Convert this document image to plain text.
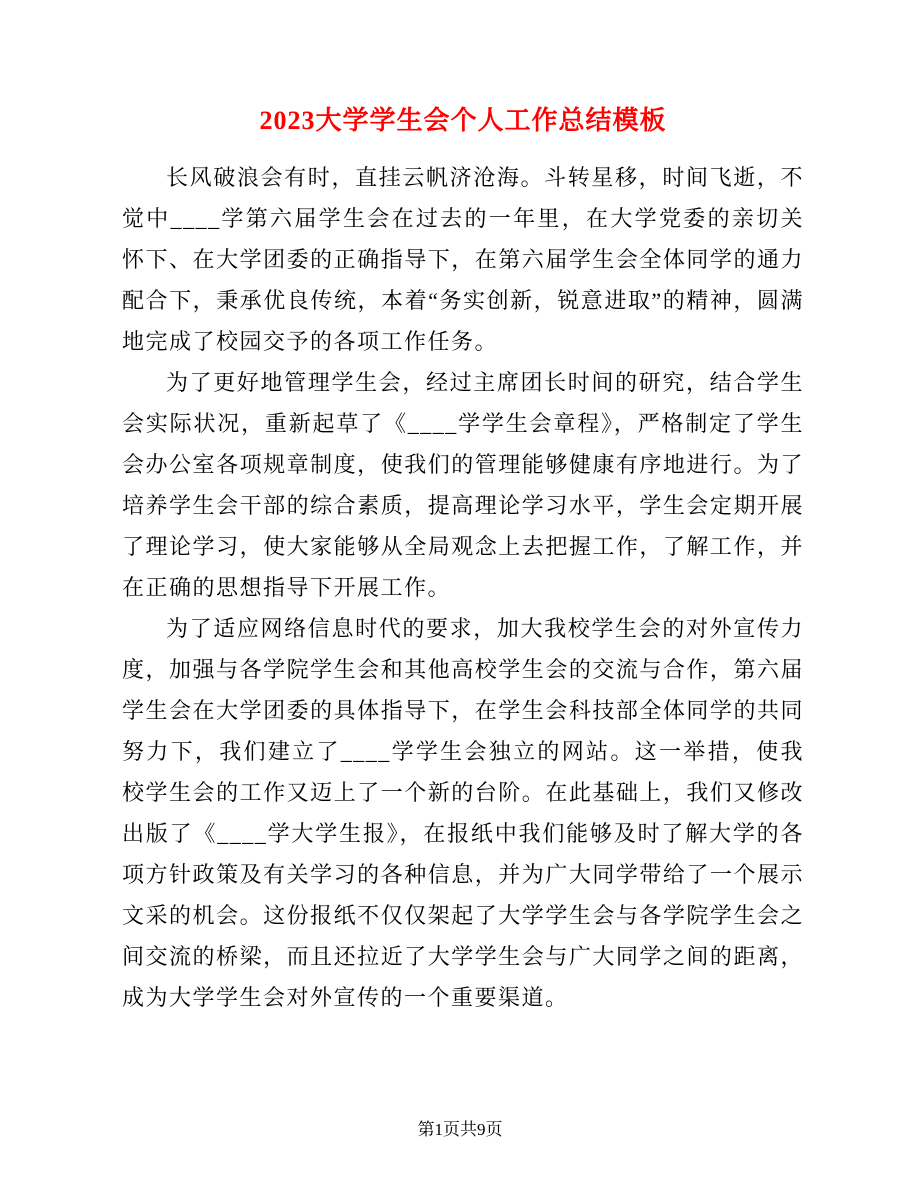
2023大学学生会个人工作总结模板

长风破浪会有时，直挂云帆济沧海。斗转星移，时间飞逝，不觉中____学第六届学生会在过去的一年里，在大学党委的亲切关怀下、在大学团委的正确指导下，在第六届学生会全体同学的通力配合下，秉承优良传统，本着“务实创新，锐意进取”的精神，圆满地完成了校园交予的各项工作任务。

为了更好地管理学生会，经过主席团长时间的研究，结合学生会实际状况，重新起草了《____学学生会章程》，严格制定了学生会办公室各项规章制度，使我们的管理能够健康有序地进行。为了培养学生会干部的综合素质，提高理论学习水平，学生会定期开展了理论学习，使大家能够从全局观念上去把握工作，了解工作，并在正确的思想指导下开展工作。

为了适应网络信息时代的要求，加大我校学生会的对外宣传力度，加强与各学院学生会和其他高校学生会的交流与合作，第六届学生会在大学团委的具体指导下，在学生会科技部全体同学的共同努力下，我们建立了____学学生会独立的网站。这一举措，使我校学生会的工作又迈上了一个新的台阶。在此基础上，我们又修改出版了《____学大学生报》，在报纸中我们能够及时了解大学的各项方针政策及有关学习的各种信息，并为广大同学带给了一个展示文采的机会。这份报纸不仅仅架起了大学学生会与各学院学生会之间交流的桥梁，而且还拉近了大学学生会与广大同学之间的距离，成为大学学生会对外宣传的一个重要渠道。

第1页共9页
